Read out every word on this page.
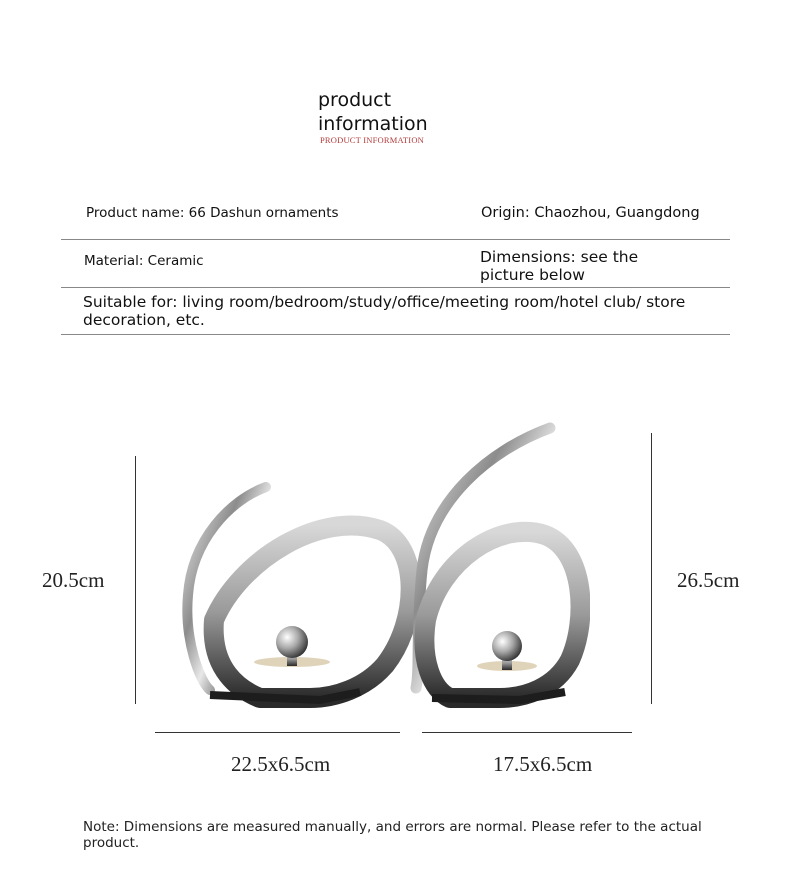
product
information
PRODUCT INFORMATION
Product name: 66 Dashun ornaments	Origin: Chaozhou, Guangdong
Material: Ceramic	Dimensions: see the picture below
Suitable for: living room/bedroom/study/office/meeting room/hotel club/ store decoration, etc.
20.5cm	26.5cm
22.5x6.5cm	17.5x6.5cm
Note: Dimensions are measured manually, and errors are normal. Please refer to the actual product.
